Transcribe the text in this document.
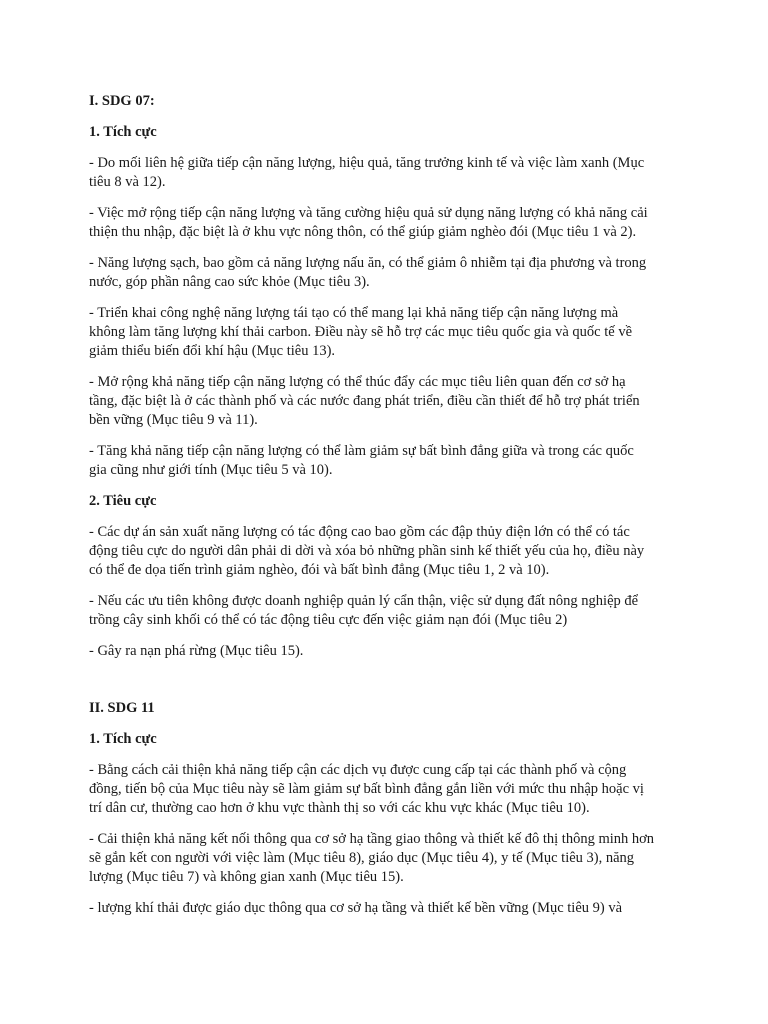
I. SDG 07:
1. Tích cực
- Do mối liên hệ giữa tiếp cận năng lượng, hiệu quả, tăng trưởng kinh tế và việc làm xanh (Mục
tiêu 8 và 12).
- Việc mở rộng tiếp cận năng lượng và tăng cường hiệu quả sử dụng năng lượng có khả năng cải
thiện thu nhập, đặc biệt là ở khu vực nông thôn, có thể giúp giảm nghèo đói (Mục tiêu 1 và 2).
- Năng lượng sạch, bao gồm cả năng lượng nấu ăn, có thể giảm ô nhiễm tại địa phương và trong
nước, góp phần nâng cao sức khỏe (Mục tiêu 3).
- Triển khai công nghệ năng lượng tái tạo có thể mang lại khả năng tiếp cận năng lượng mà
không làm tăng lượng khí thải carbon. Điều này sẽ hỗ trợ các mục tiêu quốc gia và quốc tế về
giảm thiểu biến đổi khí hậu (Mục tiêu 13).
- Mở rộng khả năng tiếp cận năng lượng có thể thúc đẩy các mục tiêu liên quan đến cơ sở hạ
tầng, đặc biệt là ở các thành phố và các nước đang phát triển, điều cần thiết để hỗ trợ phát triển
bền vững (Mục tiêu 9 và 11).
- Tăng khả năng tiếp cận năng lượng có thể làm giảm sự bất bình đẳng giữa và trong các quốc
gia cũng như giới tính (Mục tiêu 5 và 10).
2. Tiêu cực
- Các dự án sản xuất năng lượng có tác động cao bao gồm các đập thủy điện lớn có thể có tác
động tiêu cực do người dân phải di dời và xóa bỏ những phần sinh kế thiết yếu của họ, điều này
có thể đe dọa tiến trình giảm nghèo, đói và bất bình đẳng (Mục tiêu 1, 2 và 10).
- Nếu các ưu tiên không được doanh nghiệp quản lý cẩn thận, việc sử dụng đất nông nghiệp để
trồng cây sinh khối có thể có tác động tiêu cực đến việc giảm nạn đói (Mục tiêu 2)
- Gây ra nạn phá rừng (Mục tiêu 15).
II. SDG 11
1. Tích cực
- Bằng cách cải thiện khả năng tiếp cận các dịch vụ được cung cấp tại các thành phố và cộng
đồng, tiến bộ của Mục tiêu này sẽ làm giảm sự bất bình đẳng gắn liền với mức thu nhập hoặc vị
trí dân cư, thường cao hơn ở khu vực thành thị so với các khu vực khác (Mục tiêu 10).
- Cải thiện khả năng kết nối thông qua cơ sở hạ tầng giao thông và thiết kế đô thị thông minh hơn
sẽ gắn kết con người với việc làm (Mục tiêu 8), giáo dục (Mục tiêu 4), y tế (Mục tiêu 3), năng
lượng (Mục tiêu 7) và không gian xanh (Mục tiêu 15).
- lượng khí thải được giáo dục thông qua cơ sở hạ tầng và thiết kế bền vững (Mục tiêu 9) và
